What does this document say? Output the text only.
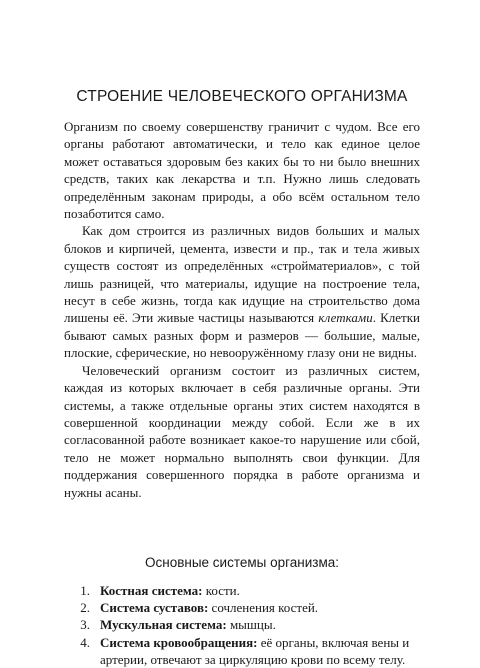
СТРОЕНИЕ ЧЕЛОВЕЧЕСКОГО ОРГАНИЗМА

Организм по своему совершенству граничит с чудом. Все его органы работают автоматически, и тело как единое целое может оставаться здоровым без каких бы то ни было внешних средств, таких как лекарства и т.п. Нужно лишь следовать определённым законам природы, а обо всём остальном тело позаботится само.

Как дом строится из различных видов больших и малых блоков и кирпичей, цемента, извести и пр., так и тела живых существ состоят из определённых «стройматериалов», с той лишь разницей, что материалы, идущие на построение тела, несут в себе жизнь, тогда как идущие на строительство дома лишены её. Эти живые частицы называются клетками. Клетки бывают самых разных форм и размеров — большие, малые, плоские, сферические, но невооружённому глазу они не видны.

Человеческий организм состоит из различных систем, каждая из которых включает в себя различные органы. Эти системы, а также отдельные органы этих систем находятся в совершенной координации между собой. Если же в их согласованной работе возникает какое-то нарушение или сбой, тело не может нормально выполнять свои функции. Для поддержания совершенного порядка в работе организма и нужны асаны.

Основные системы организма:
1. Костная система: кости.
2. Система суставов: сочленения костей.
3. Мускульная система: мышцы.
4. Система кровообращения: её органы, включая вены и артерии, отвечают за циркуляцию крови по всему телу.
